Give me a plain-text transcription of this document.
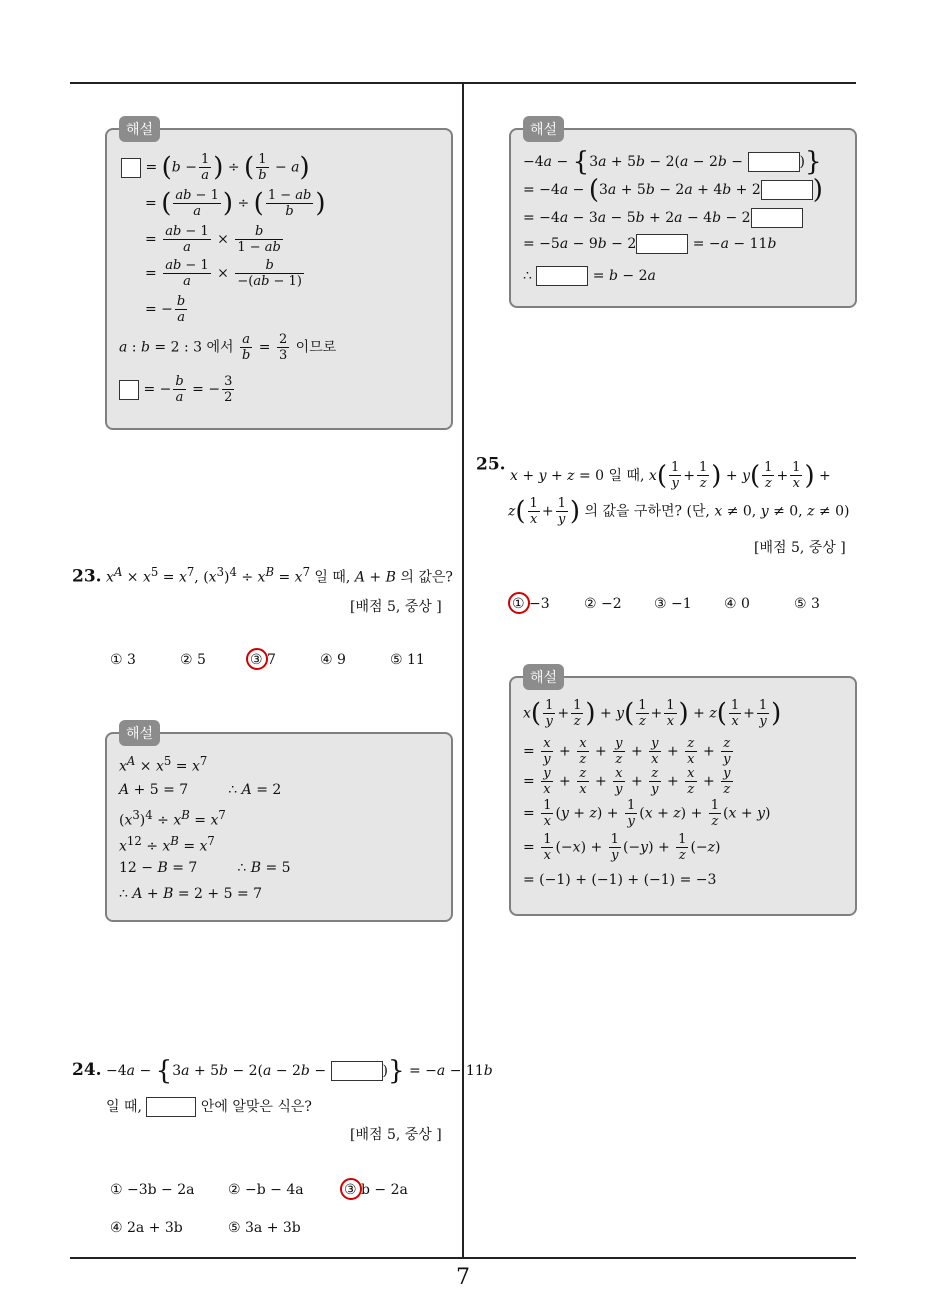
해설
= ($b - \frac{1}{a}$ ) ÷ ( $\frac{1}{b} - a$)
= ( $\frac{ab - 1}{a}$ ) ÷ ( $\frac{1 - ab}{b}$ )
= $\frac{ab - 1}{a} \times \frac{b}{1 - ab}$
= $\frac{ab - 1}{a} \times \frac{b}{-(ab - 1)}$
= − $\frac{b}{a}$
a : b = 2 : 3 에서 $\frac{a}{b} = \frac{2}{3}$ 이므로
= − $\frac{b}{a}$ = − $\frac{3}{2}$
23. $x^A \times x^5 = x^7$, $(x^3)^4 \div x^B = x^7$ 일 때, A + B 의 값은?
[배점 5, 중상 ]
① 3	② 5	③ 7	④ 9	⑤ 11
해설
$x^A \times x^5 = x^7$
A + 5 = 7         ∴ A = 2
$(x^3)^4 \div x^B = x^7$
$x^{12} \div x^B = x^7$
12 − B = 7         ∴ B = 5
∴ A + B = 2 + 5 = 7
24. −4a − {3a + 5b − 2(a − 2b −	)} = −a − 11b
일 때,	안에 알맞은 식은?
[배점 5, 중상 ]
① −3b − 2a ② −b − 4a	③ b − 2a
④ 2a + 3b	⑤ 3a + 3b
해설
−4a − {3a + 5b − 2(a − 2b −	)}
= −4a − (3a + 5b − 2a + 4b + 2 )
= −4a − 3a − 5b + 2a − 4b − 2
= −5a − 9b − 2	= −a − 11b
∴	= b − 2a
25. x + y + z = 0 일 때, $x( \frac{1}{y} + \frac{1}{z}$ ) + $y( \frac{1}{z} + \frac{1}{x}$ ) +
$z( \frac{1}{x} + \frac{1}{y}$ ) 의 값을 구하면? (단, x ≠ 0, y ≠ 0, z ≠ 0)
[배점 5, 중상 ]
① −3 ② −2 ③ −1 ④ 0	⑤ 3
해설
$x( \frac{1}{y} + \frac{1}{z}$ ) + $y( \frac{1}{z} + \frac{1}{x}$ ) + $z( \frac{1}{x} + \frac{1}{y}$ )
= $\frac{x}{y} + \frac{x}{z} + \frac{y}{z} + \frac{y}{x} + \frac{z}{x} + \frac{z}{y}$
= $\frac{y}{x} + \frac{z}{x} + \frac{x}{y} + \frac{z}{y} + \frac{x}{z} + \frac{y}{z}$
= $\frac{1}{x} (y + z) + \frac{1}{y} (x + z) + \frac{1}{z} (x + y)$
= $\frac{1}{x} (-x) + \frac{1}{y} (-y) + \frac{1}{z} (-z)$
= (−1) + (−1) + (−1) = −3
7
